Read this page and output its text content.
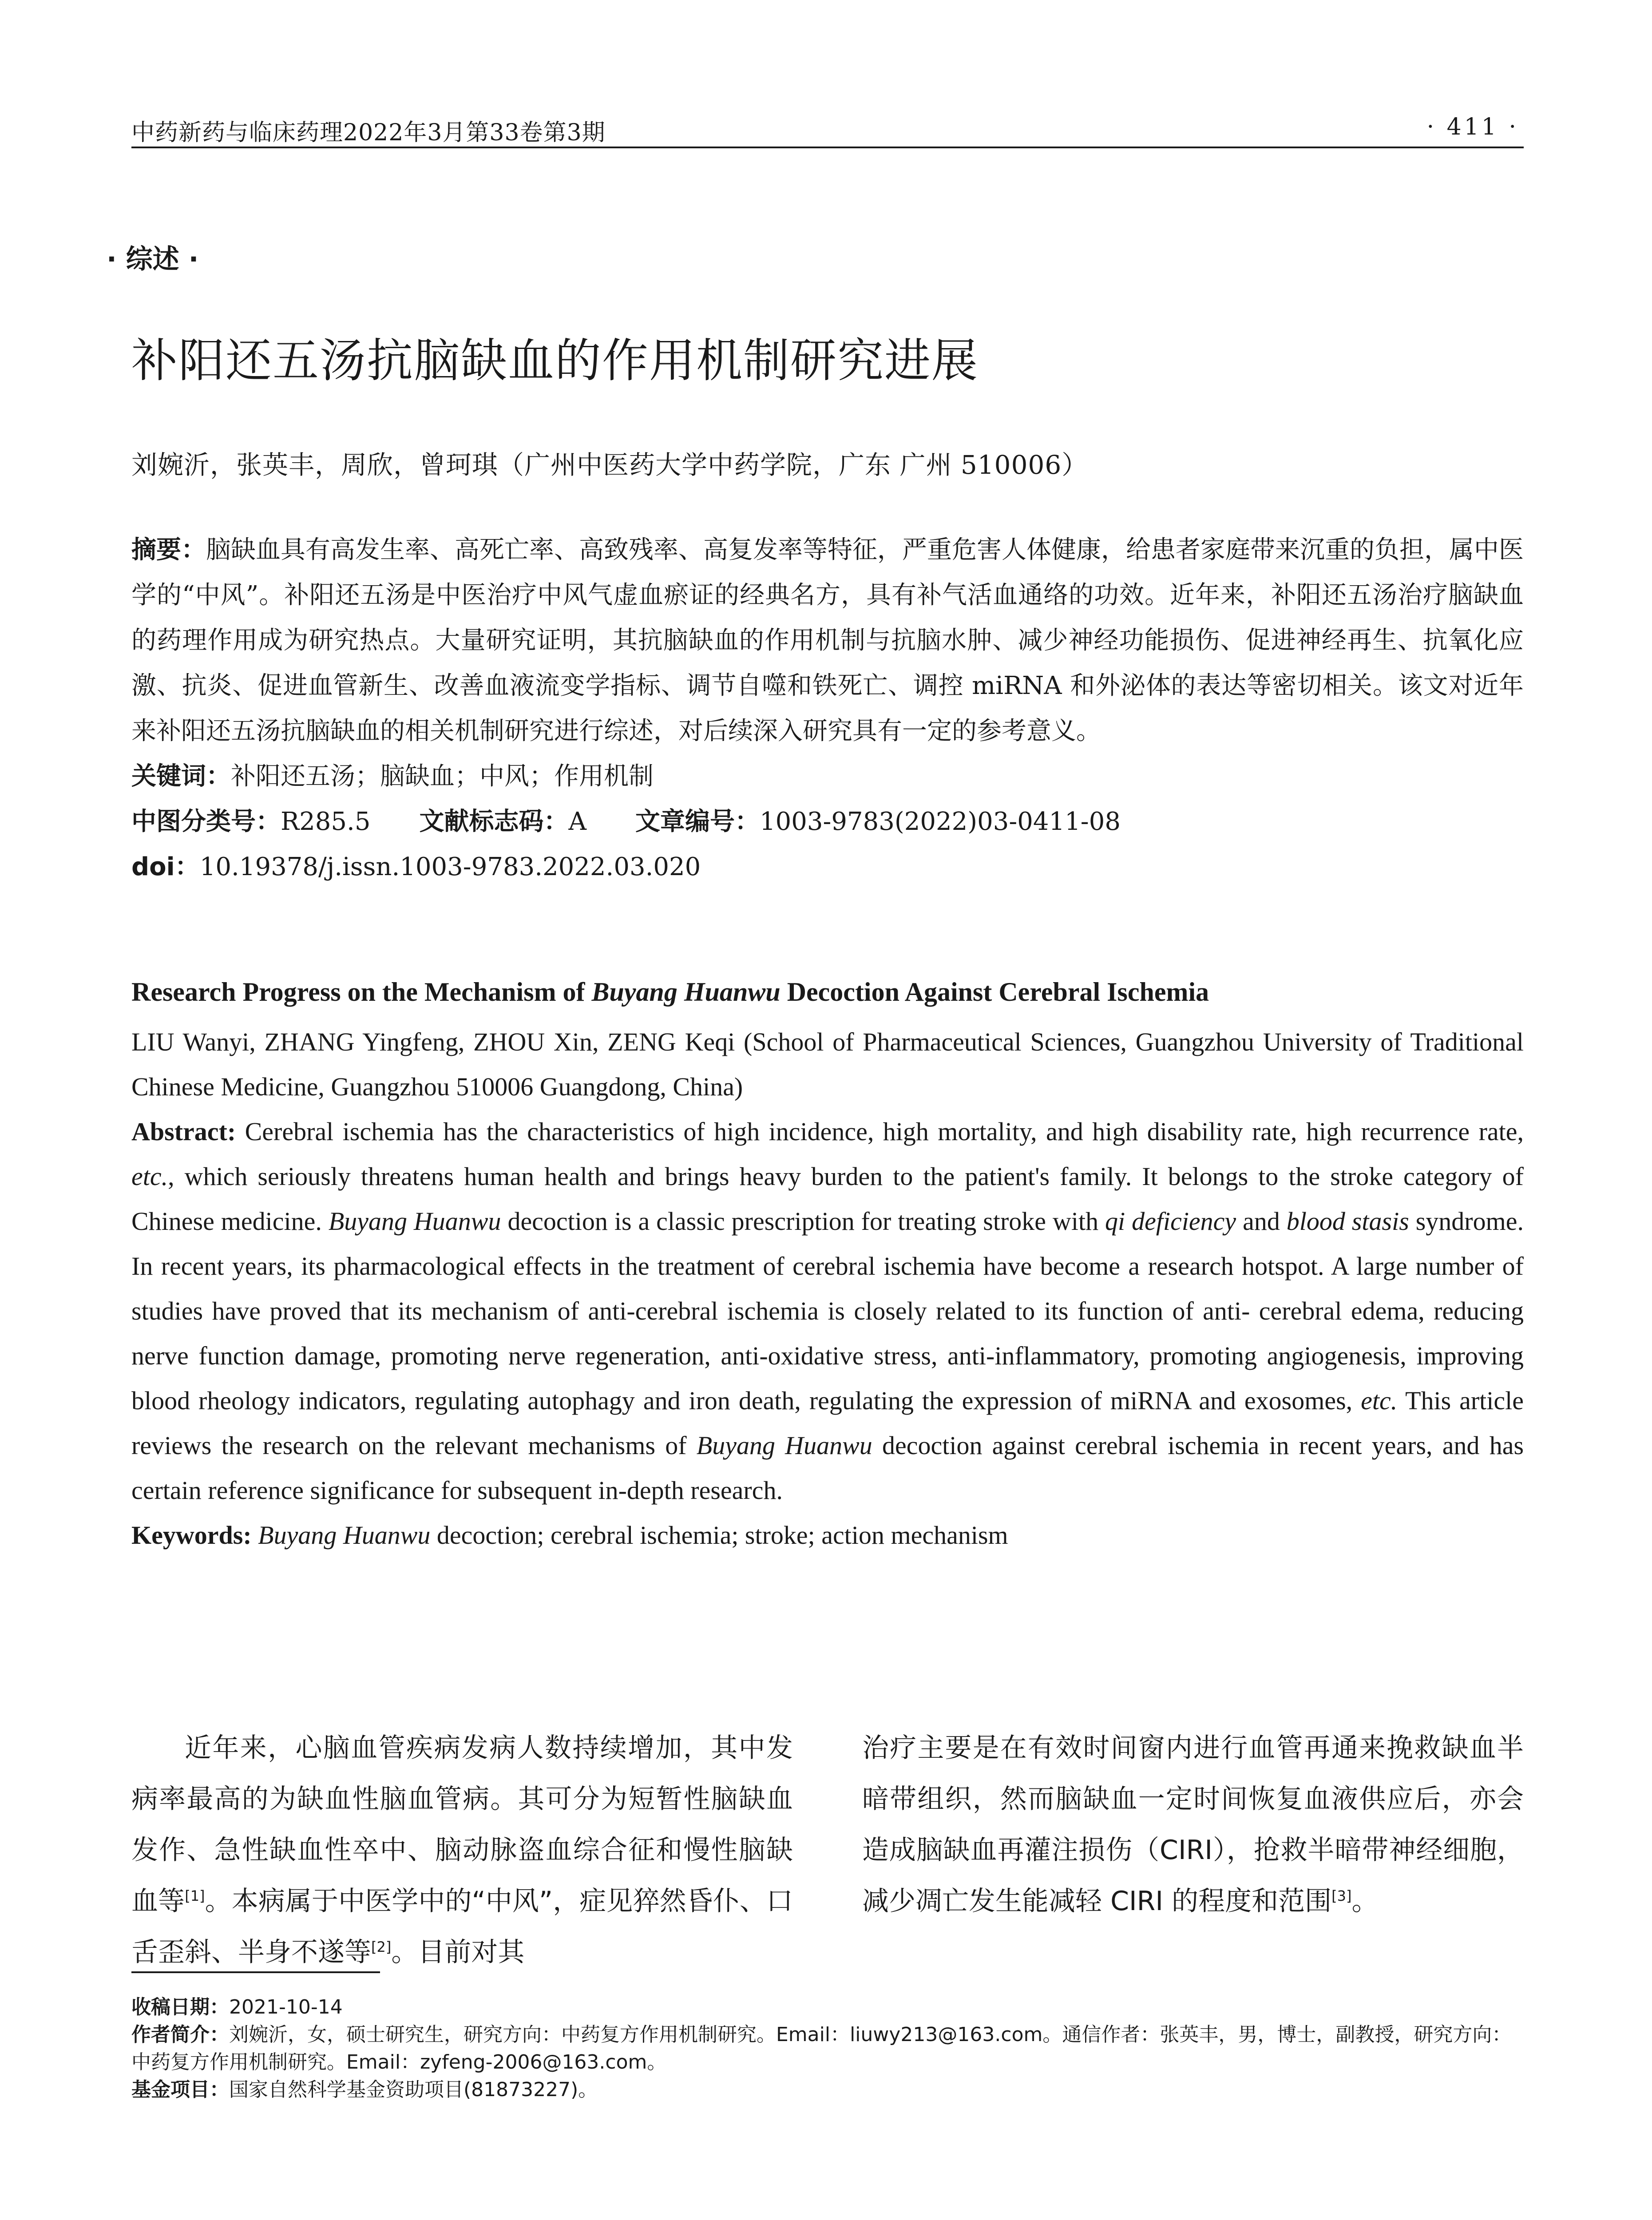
中药新药与临床药理2022年3月第33卷第3期	· 411 ·
· 综述 ·
补阳还五汤抗脑缺血的作用机制研究进展
刘婉沂，张英丰，周欣，曾珂琪（广州中医药大学中药学院，广东 广州 510006）
摘要：脑缺血具有高发生率、高死亡率、高致残率、高复发率等特征，严重危害人体健康，给患者家庭带来沉重的负担，属中医学的“中风”。补阳还五汤是中医治疗中风气虚血瘀证的经典名方，具有补气活血通络的功效。近年来，补阳还五汤治疗脑缺血的药理作用成为研究热点。大量研究证明，其抗脑缺血的作用机制与抗脑水肿、减少神经功能损伤、促进神经再生、抗氧化应激、抗炎、促进血管新生、改善血液流变学指标、调节自噬和铁死亡、调控 miRNA 和外泌体的表达等密切相关。该文对近年来补阳还五汤抗脑缺血的相关机制研究进行综述，对后续深入研究具有一定的参考意义。
关键词：补阳还五汤；脑缺血；中风；作用机制
中图分类号：R285.5 文献标志码：A 文章编号：1003-9783(2022)03-0411-08
doi：10.19378/j.issn.1003-9783.2022.03.020
Research Progress on the Mechanism of Buyang Huanwu Decoction Against Cerebral Ischemia
LIU Wanyi, ZHANG Yingfeng, ZHOU Xin, ZENG Keqi (School of Pharmaceutical Sciences, Guangzhou University of Traditional Chinese Medicine, Guangzhou 510006 Guangdong, China)
Abstract: Cerebral ischemia has the characteristics of high incidence, high mortality, and high disability rate, high recurrence rate, etc., which seriously threatens human health and brings heavy burden to the patient's family. It belongs to the stroke category of Chinese medicine. Buyang Huanwu decoction is a classic prescription for treating stroke with qi deficiency and blood stasis syndrome. In recent years, its pharmacological effects in the treatment of cerebral ischemia have become a research hotspot. A large number of studies have proved that its mechanism of anti-cerebral ischemia is closely related to its function of anti- cerebral edema, reducing nerve function damage, promoting nerve regeneration, anti-oxidative stress, anti-inflammatory, promoting angiogenesis, improving blood rheology indicators, regulating autophagy and iron death, regulating the expression of miRNA and exosomes, etc. This article reviews the research on the relevant mechanisms of Buyang Huanwu decoction against cerebral ischemia in recent years, and has certain reference significance for subsequent in-depth research.
Keywords: Buyang Huanwu decoction; cerebral ischemia; stroke; action mechanism
近年来，心脑血管疾病发病人数持续增加，其中发病率最高的为缺血性脑血管病。其可分为短暂性脑缺血发作、急性缺血性卒中、脑动脉盗血综合征和慢性脑缺血等[1]。本病属于中医学中的“中风”，症见猝然昏仆、口舌歪斜、半身不遂等[2]。目前对其
治疗主要是在有效时间窗内进行血管再通来挽救缺血半暗带组织，然而脑缺血一定时间恢复血液供应后，亦会造成脑缺血再灌注损伤（CIRI），抢救半暗带神经细胞，减少凋亡发生能减轻 CIRI 的程度和范围[3]。
收稿日期：2021-10-14
作者简介：刘婉沂，女，硕士研究生，研究方向：中药复方作用机制研究。Email：liuwy213@163.com。通信作者：张英丰，男，博士，副教授，研究方向：中药复方作用机制研究。Email：zyfeng-2006@163.com。
基金项目：国家自然科学基金资助项目(81873227)。
